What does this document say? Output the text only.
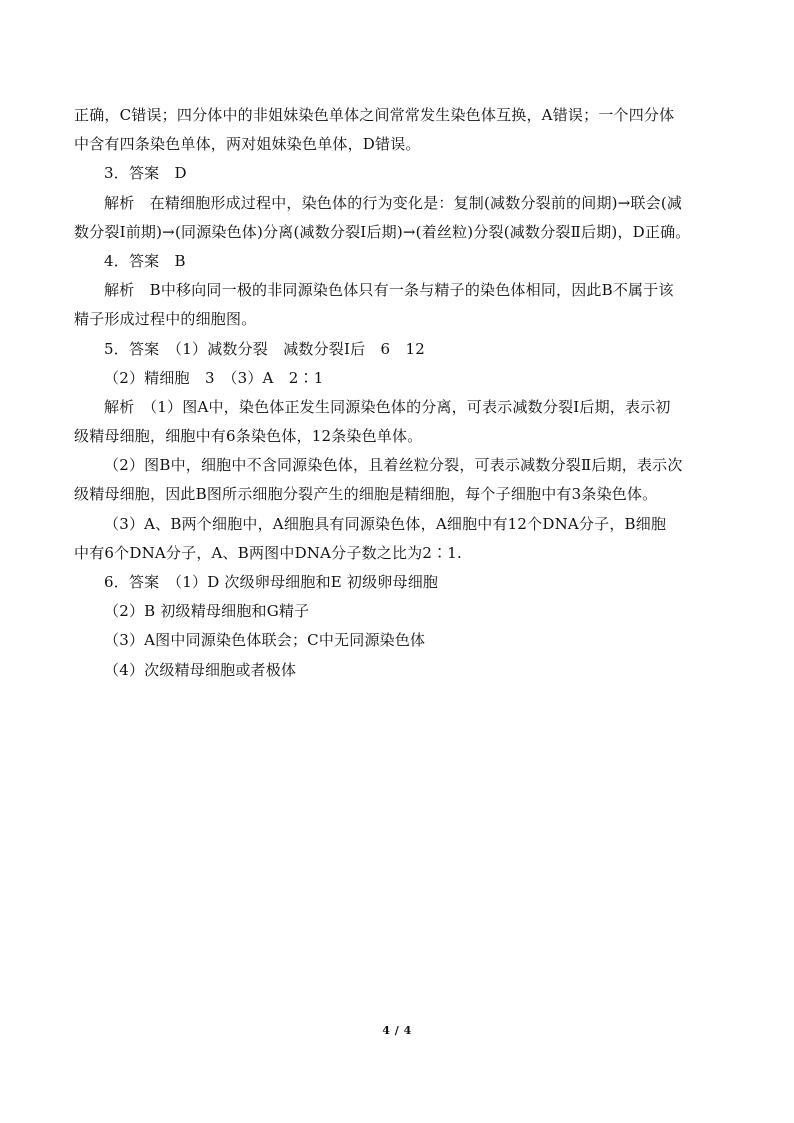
正确，C错误；四分体中的非姐妹染色单体之间常常发生染色体互换，A错误；一个四分体
中含有四条染色单体，两对姐妹染色单体，D错误。
3．答案　D
解析　在精细胞形成过程中，染色体的行为变化是：复制(减数分裂前的间期)→联会(减
数分裂Ⅰ前期)→(同源染色体)分离(减数分裂Ⅰ后期)→(着丝粒)分裂(减数分裂Ⅱ后期)，D正确。
4．答案　B
解析　B中移向同一极的非同源染色体只有一条与精子的染色体相同，因此B不属于该
精子形成过程中的细胞图。
5．答案　（1）减数分裂　减数分裂Ⅰ后　6　12
（2）精细胞　3　（3）A　2∶1
解析　（1）图A中，染色体正发生同源染色体的分离，可表示减数分裂Ⅰ后期，表示初
级精母细胞，细胞中有6条染色体，12条染色单体。
（2）图B中，细胞中不含同源染色体，且着丝粒分裂，可表示减数分裂Ⅱ后期，表示次
级精母细胞，因此B图所示细胞分裂产生的细胞是精细胞，每个子细胞中有3条染色体。
（3）A、B两个细胞中，A细胞具有同源染色体，A细胞中有12个DNA分子，B细胞
中有6个DNA分子，A、B两图中DNA分子数之比为2∶1.
6．答案　（1）D 次级卵母细胞和E 初级卵母细胞
（2）B 初级精母细胞和G精子
（3）A图中同源染色体联会；C中无同源染色体
（4）次级精母细胞或者极体
4 / 4
